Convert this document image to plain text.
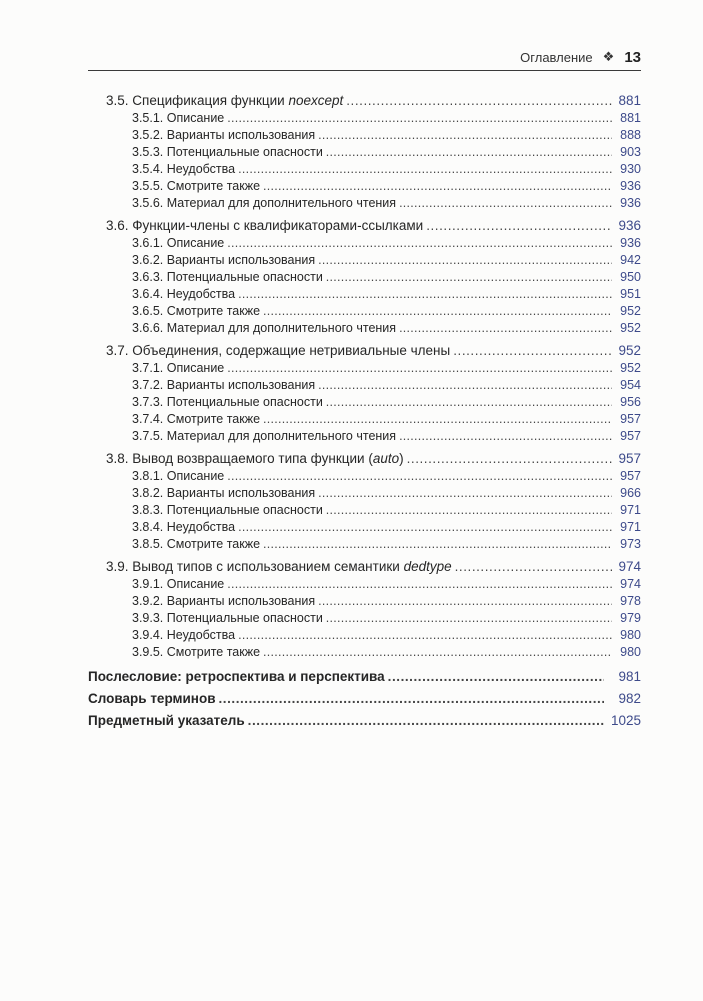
Оглавление ❖ 13
3.5. Спецификация функции noexcept . . .	881
3.5.1. Описание . . .	881
3.5.2. Варианты использования . . .	888
3.5.3. Потенциальные опасности . . .	903
3.5.4. Неудобства . . .	930
3.5.5. Смотрите также . . .	936
3.5.6. Материал для дополнительного чтения . . .	936
3.6. Функции-члены с квалификаторами-ссылками . . .	936
3.6.1. Описание . . .	936
3.6.2. Варианты использования . . .	942
3.6.3. Потенциальные опасности . . .	950
3.6.4. Неудобства . . .	951
3.6.5. Смотрите также . . .	952
3.6.6. Материал для дополнительного чтения . . .	952
3.7. Объединения, содержащие нетривиальные члены . . .	952
3.7.1. Описание . . .	952
3.7.2. Варианты использования . . .	954
3.7.3. Потенциальные опасности . . .	956
3.7.4. Смотрите также . . .	957
3.7.5. Материал для дополнительного чтения . . .	957
3.8. Вывод возвращаемого типа функции (auto) . . .	957
3.8.1. Описание . . .	957
3.8.2. Варианты использования . . .	966
3.8.3. Потенциальные опасности . . .	971
3.8.4. Неудобства . . .	971
3.8.5. Смотрите также . . .	973
3.9. Вывод типов с использованием семантики dedtype . . .	974
3.9.1. Описание . . .	974
3.9.2. Варианты использования . . .	978
3.9.3. Потенциальные опасности . . .	979
3.9.4. Неудобства . . .	980
3.9.5. Смотрите также . . .	980
Послесловие: ретроспектива и перспектива . . .	981
Словарь терминов . . .	982
Предметный указатель . . .	1025
